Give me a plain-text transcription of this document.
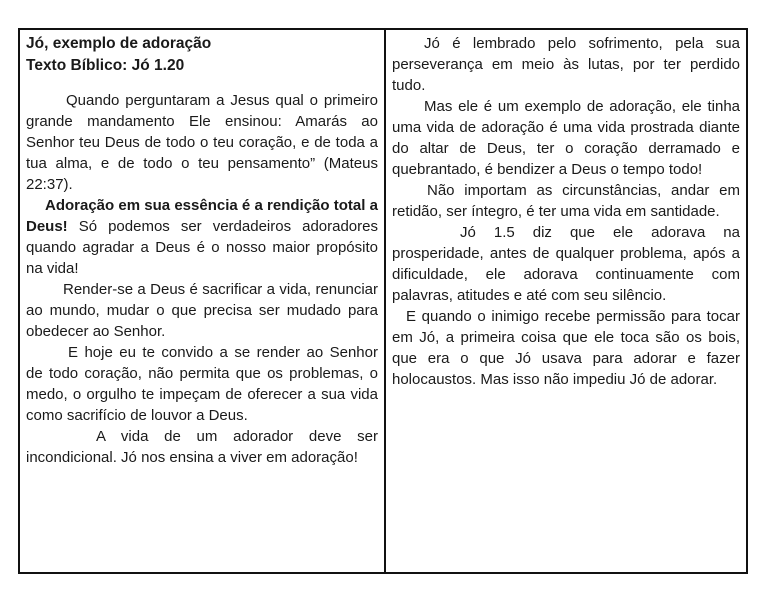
Jó, exemplo de adoração
Texto Bíblico: Jó 1.20

Quando perguntaram a Jesus qual o primeiro grande mandamento Ele ensinou: Amarás ao Senhor teu Deus de todo o teu coração, e de toda a tua alma, e de todo o teu pensamento” (Mateus 22:37).

Adoração em sua essência é a rendição total a Deus! Só podemos ser verdadeiros adoradores quando agradar a Deus é o nosso maior propósito na vida!

Render-se a Deus é sacrificar a vida, renunciar ao mundo, mudar o que precisa ser mudado para obedecer ao Senhor.

E hoje eu te convido a se render ao Senhor de todo coração, não permita que os problemas, o medo, o orgulho te impeçam de oferecer a sua vida como sacrifício de louvor a Deus.

A vida de um adorador deve ser incondicional. Jó nos ensina a viver em adoração!

Jó é lembrado pelo sofrimento, pela sua perseverança em meio às lutas, por ter perdido tudo.

Mas ele é um exemplo de adoração, ele tinha uma vida de adoração é uma vida prostrada diante do altar de Deus, ter o coração derramado e quebrantado, é bendizer a Deus o tempo todo!

Não importam as circunstâncias, andar em retidão, ser íntegro, é ter uma vida em santidade.

Jó 1.5 diz que ele adorava na prosperidade, antes de qualquer problema, após a dificuldade, ele adorava continuamente com palavras, atitudes e até com seu silêncio.

E quando o inimigo recebe permissão para tocar em Jó, a primeira coisa que ele toca são os bois, que era o que Jó usava para adorar e fazer holocaustos. Mas isso não impediu Jó de adorar.
